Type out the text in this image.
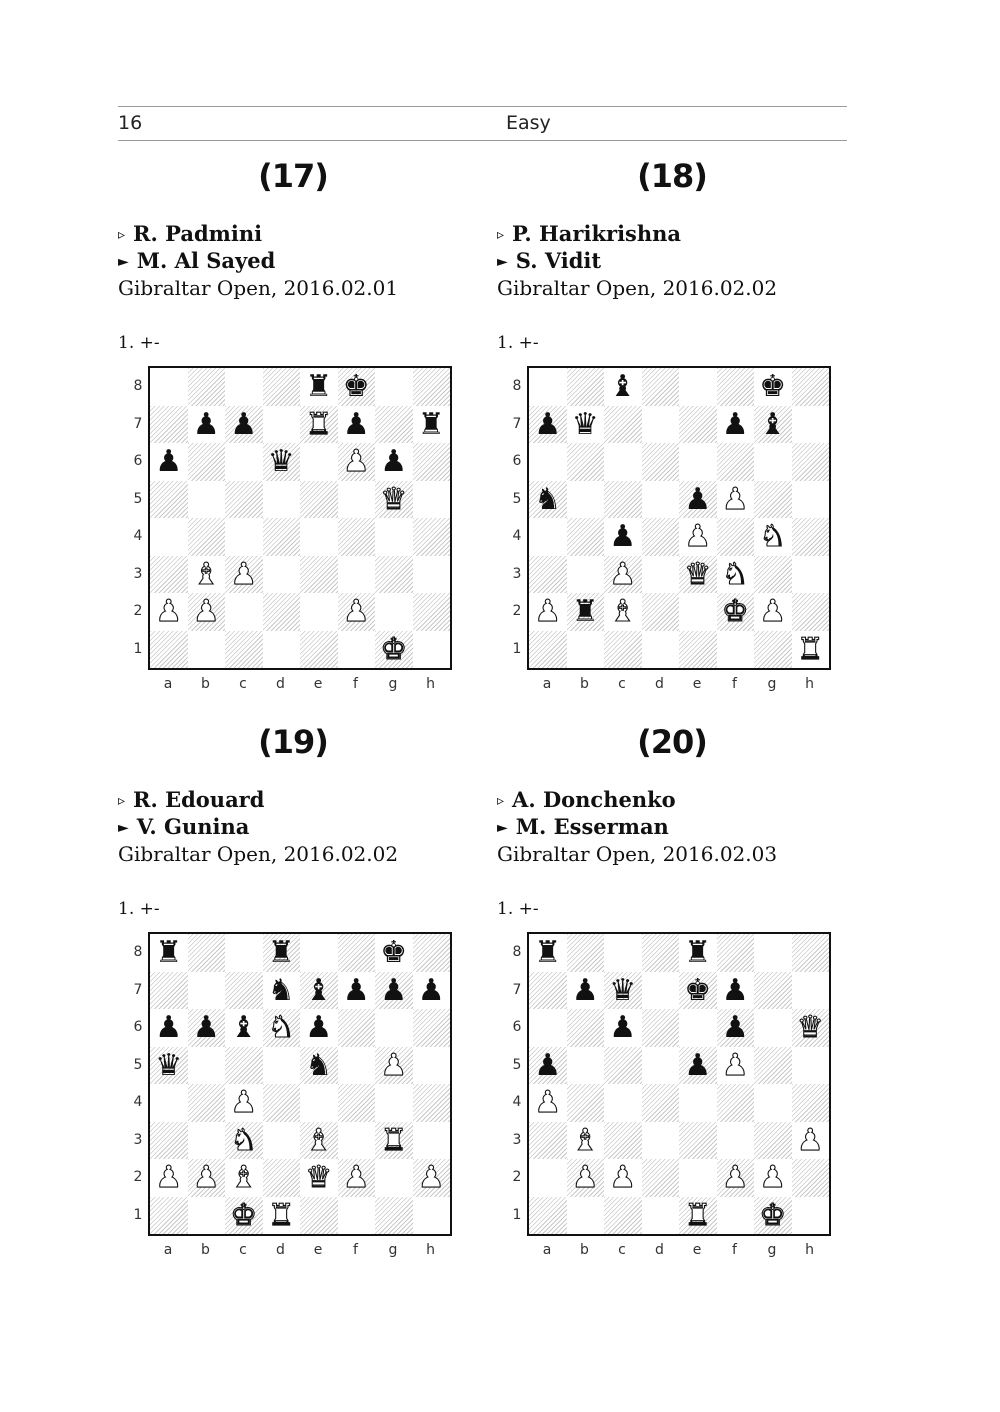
16	Easy
(17)
▹ R. Padmini
► M. Al Sayed
Gibraltar Open, 2016.02.01
1. +-
♜ ♚
♟ ♟ ♜ ♟ ♜
♟	♛ ♟ ♟
♛
♝ ♟
♟ ♟	♟
♚
8
7
6
5
4
3
2
1
a	b	c	d	e	f	g	h
(18)
▹ P. Harikrishna
► S. Vidit
Gibraltar Open, 2016.02.02
1. +-
♝	♚
♟ ♛	♟ ♝
♞	♟ ♟
♟ ♟ ♞
♟ ♛ ♞
♟ ♜ ♝	♚ ♟
♜
8
7
6
5
4
3
2
1
a	b	c	d	e	f	g	h
(19)
▹ R. Edouard
► V. Gunina
Gibraltar Open, 2016.02.02
1. +-
♜	♜	♚
♞ ♝ ♟ ♟ ♟
♟ ♟ ♝ ♞ ♟
♛	♞ ♟
♟
♞ ♝ ♜
♟ ♟ ♝ ♛ ♟ ♟
♚ ♜
8
7
6
5
4
3
2
1
a	b	c	d	e	f	g	h
(20)
▹ A. Donchenko
► M. Esserman
Gibraltar Open, 2016.02.03
1. +-
♜	♜
♟ ♛ ♚ ♟
♟	♟ ♛
♟	♟ ♟
♟
♝	♟
♟ ♟	♟ ♟
♜ ♚
8
7
6
5
4
3
2
1
a	b	c	d	e	f	g	h
